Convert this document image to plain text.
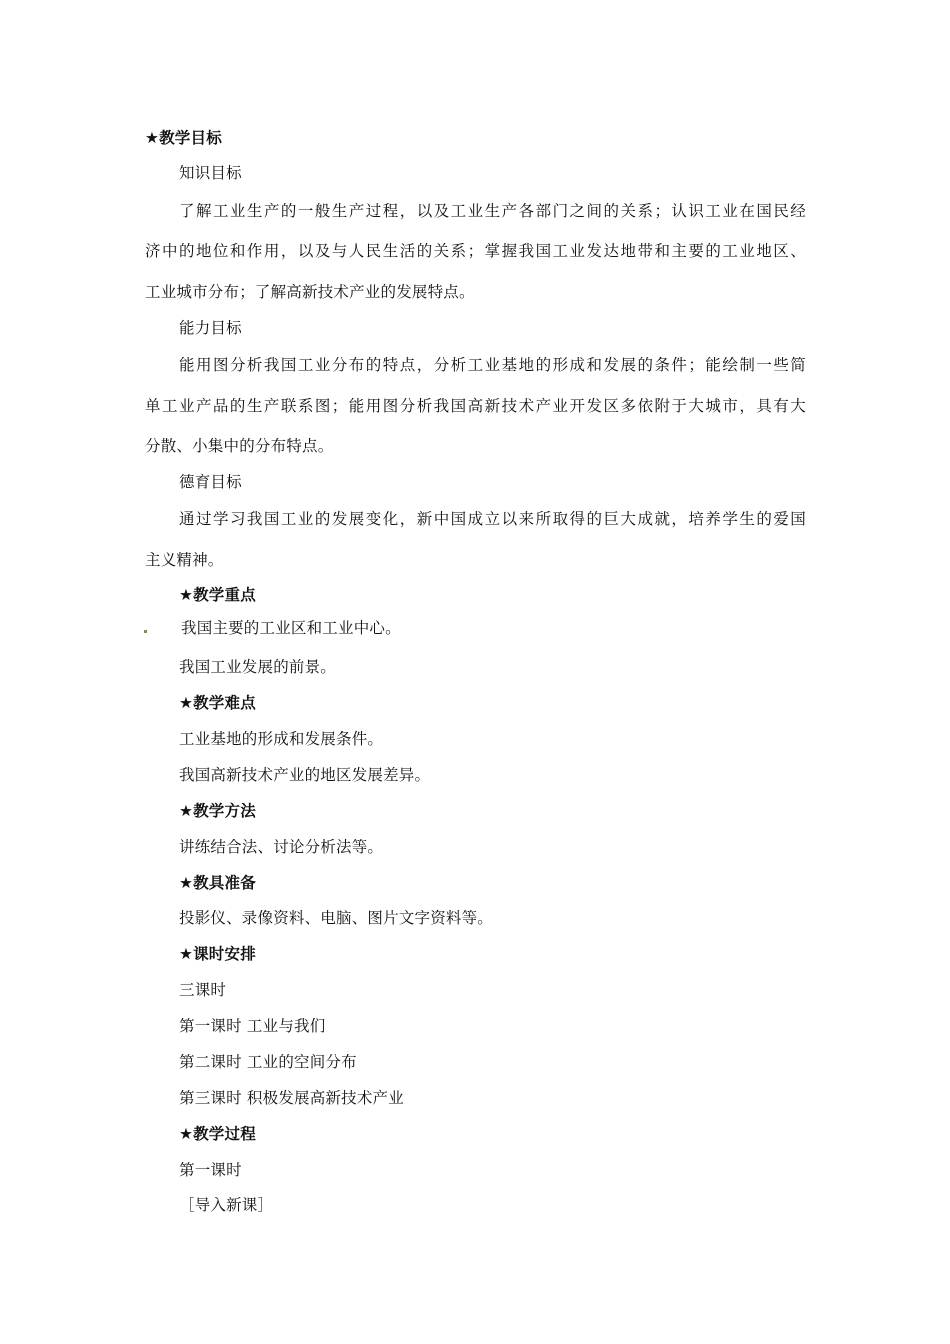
★教学目标
知识目标
了解工业生产的一般生产过程，以及工业生产各部门之间的关系；认识工业在国民经
济中的地位和作用，以及与人民生活的关系；掌握我国工业发达地带和主要的工业地区、
工业城市分布；了解高新技术产业的发展特点。
能力目标
能用图分析我国工业分布的特点，分析工业基地的形成和发展的条件；能绘制一些简
单工业产品的生产联系图；能用图分析我国高新技术产业开发区多依附于大城市，具有大
分散、小集中的分布特点。
德育目标
通过学习我国工业的发展变化，新中国成立以来所取得的巨大成就，培养学生的爱国
主义精神。
★教学重点
我国主要的工业区和工业中心。
我国工业发展的前景。
★教学难点
工业基地的形成和发展条件。
我国高新技术产业的地区发展差异。
★教学方法
讲练结合法、讨论分析法等。
★教具准备
投影仪、录像资料、电脑、图片文字资料等。
★课时安排
三课时
第一课时 工业与我们
第二课时 工业的空间分布
第三课时 积极发展高新技术产业
★教学过程
第一课时
［导入新课］
